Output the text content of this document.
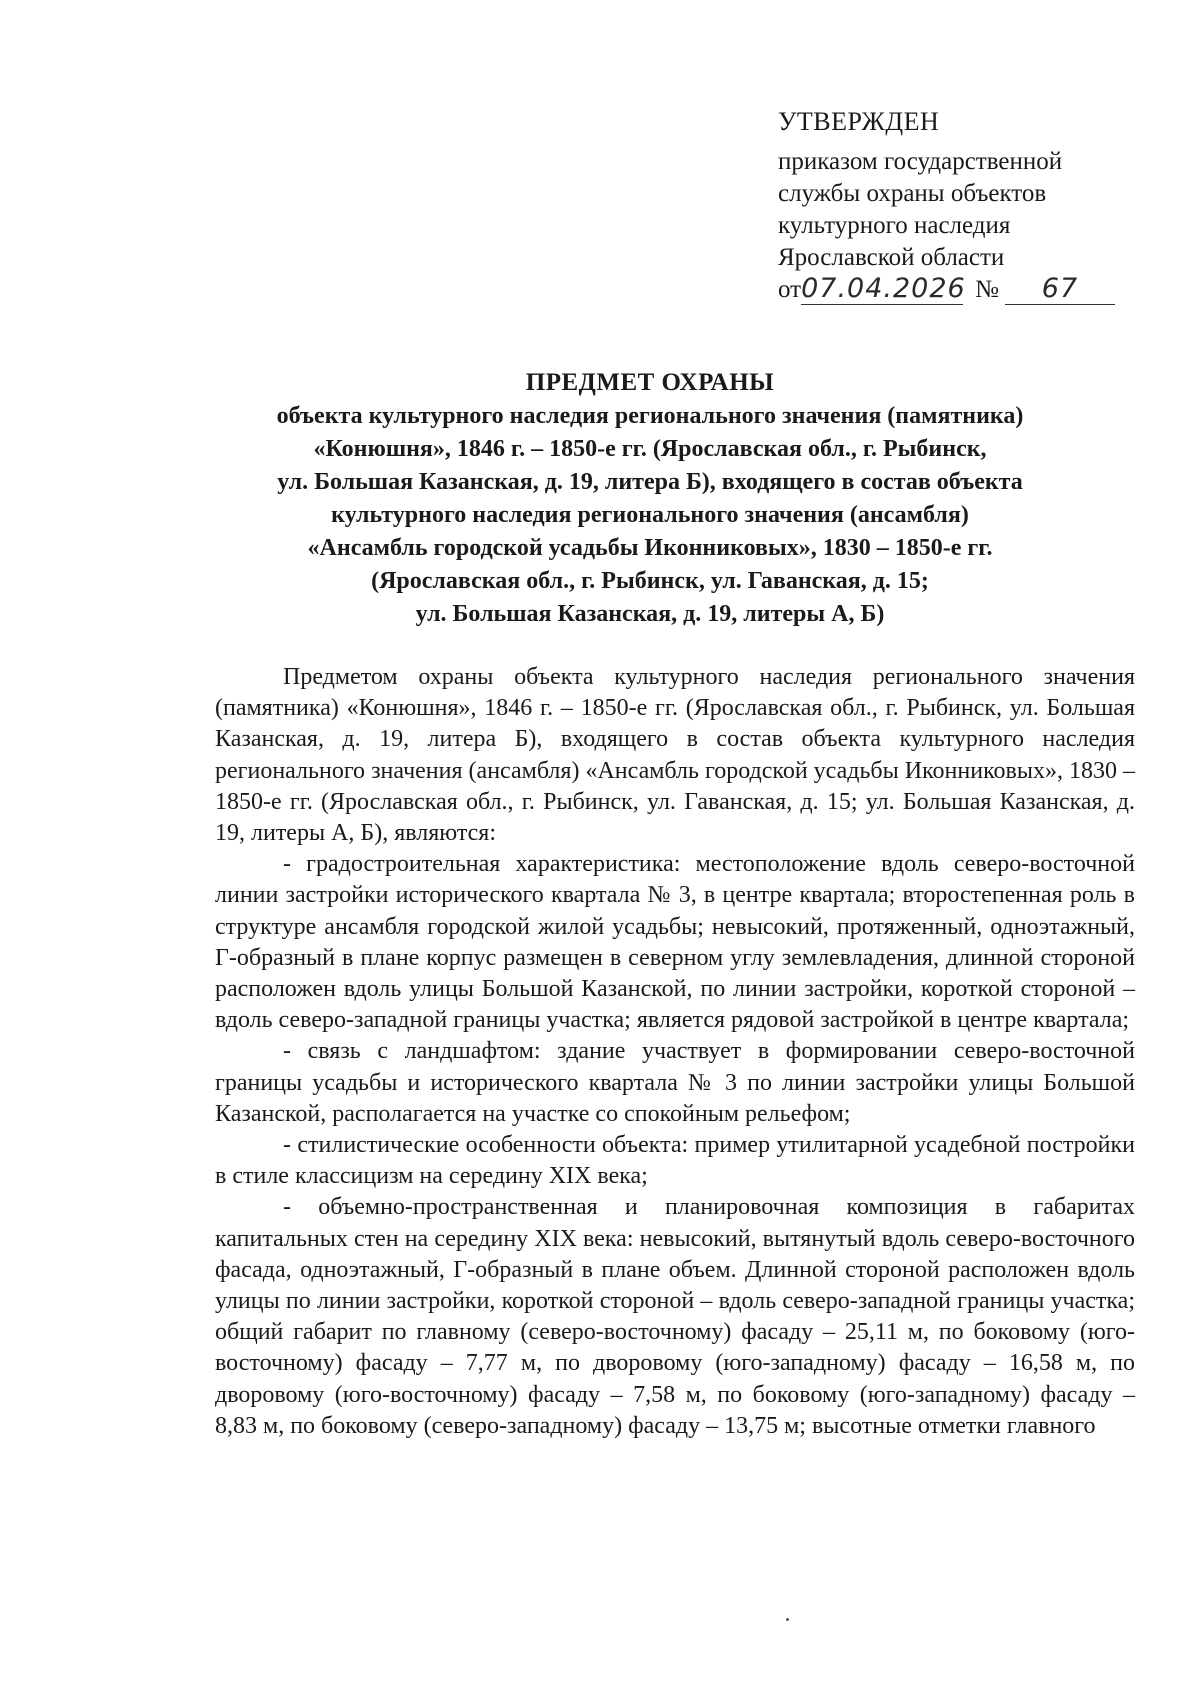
УТВЕРЖДЕН
приказом государственной
службы охраны объектов
культурного наследия
Ярославской области
от07.04.2026 № 67
ПРЕДМЕТ ОХРАНЫ
объекта культурного наследия регионального значения (памятника)
«Конюшня», 1846 г. – 1850-е гг. (Ярославская обл., г. Рыбинск,
ул. Большая Казанская, д. 19, литера Б), входящего в состав объекта
культурного наследия регионального значения (ансамбля)
«Ансамбль городской усадьбы Иконниковых», 1830 – 1850-е гг.
(Ярославская обл., г. Рыбинск, ул. Гаванская, д. 15;
ул. Большая Казанская, д. 19, литеры А, Б)

Предметом охраны объекта культурного наследия регионального значения (памятника) «Конюшня», 1846 г. – 1850-е гг. (Ярославская обл., г. Рыбинск, ул. Большая Казанская, д. 19, литера Б), входящего в состав объекта культурного наследия регионального значения (ансамбля) «Ансамбль городской усадьбы Иконниковых», 1830 – 1850-е гг. (Ярославская обл., г. Рыбинск, ул. Гаванская, д. 15; ул. Большая Казанская, д. 19, литеры А, Б), являются:

- градостроительная характеристика: местоположение вдоль северо-восточной линии застройки исторического квартала № 3, в центре квартала; второстепенная роль в структуре ансамбля городской жилой усадьбы; невысокий, протяженный, одноэтажный, Г-образный в плане корпус размещен в северном углу землевладения, длинной стороной расположен вдоль улицы Большой Казанской, по линии застройки, короткой стороной – вдоль северо-западной границы участка; является рядовой застройкой в центре квартала;

- связь с ландшафтом: здание участвует в формировании северо-восточной границы усадьбы и исторического квартала № 3 по линии застройки улицы Большой Казанской, располагается на участке со спокойным рельефом;

- стилистические особенности объекта: пример утилитарной усадебной постройки в стиле классицизм на середину XIX века;

- объемно-пространственная и планировочная композиция в габаритах капитальных стен на середину XIX века: невысокий, вытянутый вдоль северо-восточного фасада, одноэтажный, Г-образный в плане объем. Длинной стороной расположен вдоль улицы по линии застройки, короткой стороной – вдоль северо-западной границы участка; общий габарит по главному (северо-восточному) фасаду – 25,11 м, по боковому (юго-восточному) фасаду – 7,77 м, по дворовому (юго-западному) фасаду – 16,58 м, по дворовому (юго-восточному) фасаду – 7,58 м, по боковому (юго-западному) фасаду – 8,83 м, по боковому (северо-западному) фасаду – 13,75 м; высотные отметки главного
